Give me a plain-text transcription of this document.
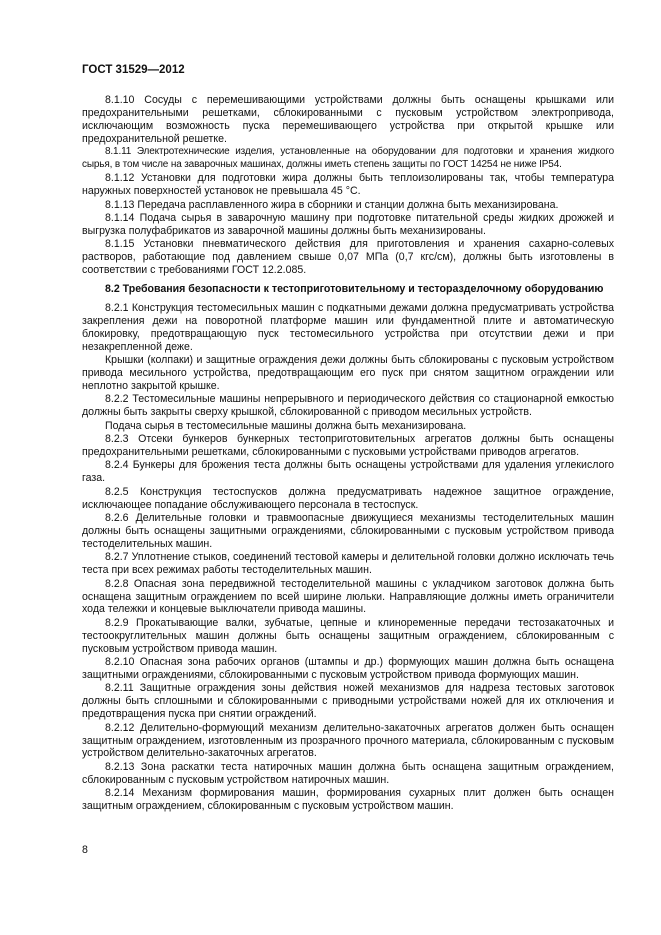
ГОСТ 31529—2012

8.1.10 Сосуды с перемешивающими устройствами должны быть оснащены крышками или предохранительными решетками, сблокированными с пусковым устройством электропривода, исключающим возможность пуска перемешивающего устройства при открытой крышке или предохранительной решетке.

8.1.11 Электротехнические изделия, установленные на оборудовании для подготовки и хранения жидкого сырья, в том числе на заварочных машинах, должны иметь степень защиты по ГОСТ 14254 не ниже IP54.

8.1.12 Установки для подготовки жира должны быть теплоизолированы так, чтобы температура наружных поверхностей установок не превышала 45 °С.

8.1.13 Передача расплавленного жира в сборники и станции должна быть механизирована.

8.1.14 Подача сырья в заварочную машину при подготовке питательной среды жидких дрожжей и выгрузка полуфабрикатов из заварочной машины должны быть механизированы.

8.1.15 Установки пневматического действия для приготовления и хранения сахарно-солевых растворов, работающие под давлением свыше 0,07 МПа (0,7 кгс/см), должны быть изготовлены в соответствии с требованиями ГОСТ 12.2.085.

8.2 Требования безопасности к тестоприготовительному и тесторазделочному оборудованию

8.2.1 Конструкция тестомесильных машин с подкатными дежами должна предусматривать устройства закрепления дежи на поворотной платформе машин или фундаментной плите и автоматическую блокировку, предотвращающую пуск тестомесильного устройства при отсутствии дежи и при незакрепленной деже.

Крышки (колпаки) и защитные ограждения дежи должны быть сблокированы с пусковым устройством привода месильного устройства, предотвращающим его пуск при снятом защитном ограждении или неплотно закрытой крышке.

8.2.2 Тестомесильные машины непрерывного и периодического действия со стационарной емкостью должны быть закрыты сверху крышкой, сблокированной с приводом месильных устройств.

Подача сырья в тестомесильные машины должна быть механизирована.

8.2.3 Отсеки бункеров бункерных тестоприготовительных агрегатов должны быть оснащены предохранительными решетками, сблокированными с пусковыми устройствами приводов агрегатов.

8.2.4 Бункеры для брожения теста должны быть оснащены устройствами для удаления углекислого газа.

8.2.5 Конструкция тестоспусков должна предусматривать надежное защитное ограждение, исключающее попадание обслуживающего персонала в тестоспуск.

8.2.6 Делительные головки и травмоопасные движущиеся механизмы тестоделительных машин должны быть оснащены защитными ограждениями, сблокированными с пусковым устройством привода тестоделительных машин.

8.2.7 Уплотнение стыков, соединений тестовой камеры и делительной головки должно исключать течь теста при всех режимах работы тестоделительных машин.

8.2.8 Опасная зона передвижной тестоделительной машины с укладчиком заготовок должна быть оснащена защитным ограждением по всей ширине люльки. Направляющие должны иметь ограничители хода тележки и концевые выключатели привода машины.

8.2.9 Прокатывающие валки, зубчатые, цепные и клиноременные передачи тестозакаточных и тестоокруглительных машин должны быть оснащены защитным ограждением, сблокированным с пусковым устройством привода машин.

8.2.10 Опасная зона рабочих органов (штампы и др.) формующих машин должна быть оснащена защитными ограждениями, сблокированными с пусковым устройством привода формующих машин.

8.2.11 Защитные ограждения зоны действия ножей механизмов для надреза тестовых заготовок должны быть сплошными и сблокированными с приводными устройствами ножей для их отключения и предотвращения пуска при снятии ограждений.

8.2.12 Делительно-формующий механизм делительно-закаточных агрегатов должен быть оснащен защитным ограждением, изготовленным из прозрачного прочного материала, сблокированным с пусковым устройством делительно-закаточных агрегатов.

8.2.13 Зона раскатки теста натирочных машин должна быть оснащена защитным ограждением, сблокированным с пусковым устройством натирочных машин.

8.2.14 Механизм формирования машин, формирования сухарных плит должен быть оснащен защитным ограждением, сблокированным с пусковым устройством машин.

8
